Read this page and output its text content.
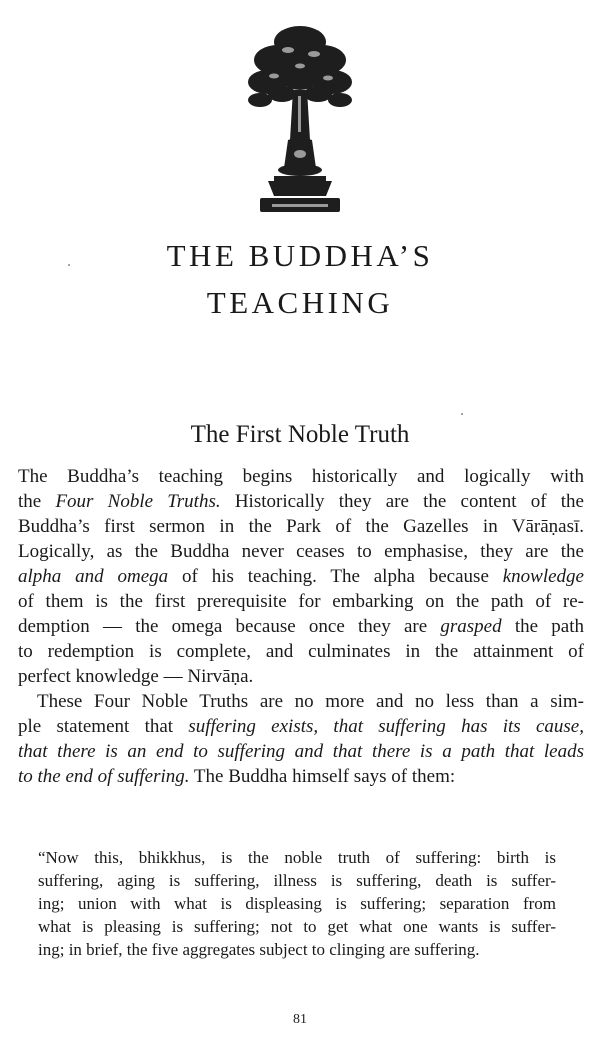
THE BUDDHA’S
TEACHING
The First Noble Truth
The Buddha’s teaching begins historically and logically with
the Four Noble Truths. Historically they are the content of the
Buddha’s first sermon in the Park of the Gazelles in Vārāṇasī.
Logically, as the Buddha never ceases to emphasise, they are the
alpha and omega of his teaching. The alpha because knowledge
of them is the first prerequisite for embarking on the path of re-
demption — the omega because once they are grasped the path
to redemption is complete, and culminates in the attainment of
perfect knowledge — Nirvāṇa.
These Four Noble Truths are no more and no less than a sim-
ple statement that suffering exists, that suffering has its cause,
that there is an end to suffering and that there is a path that leads
to the end of suffering. The Buddha himself says of them:
“Now this, bhikkhus, is the noble truth of suffering: birth is
suffering, aging is suffering, illness is suffering, death is suffer-
ing; union with what is displeasing is suffering; separation from
what is pleasing is suffering; not to get what one wants is suffer-
ing; in brief, the five aggregates subject to clinging are suffering.
81
